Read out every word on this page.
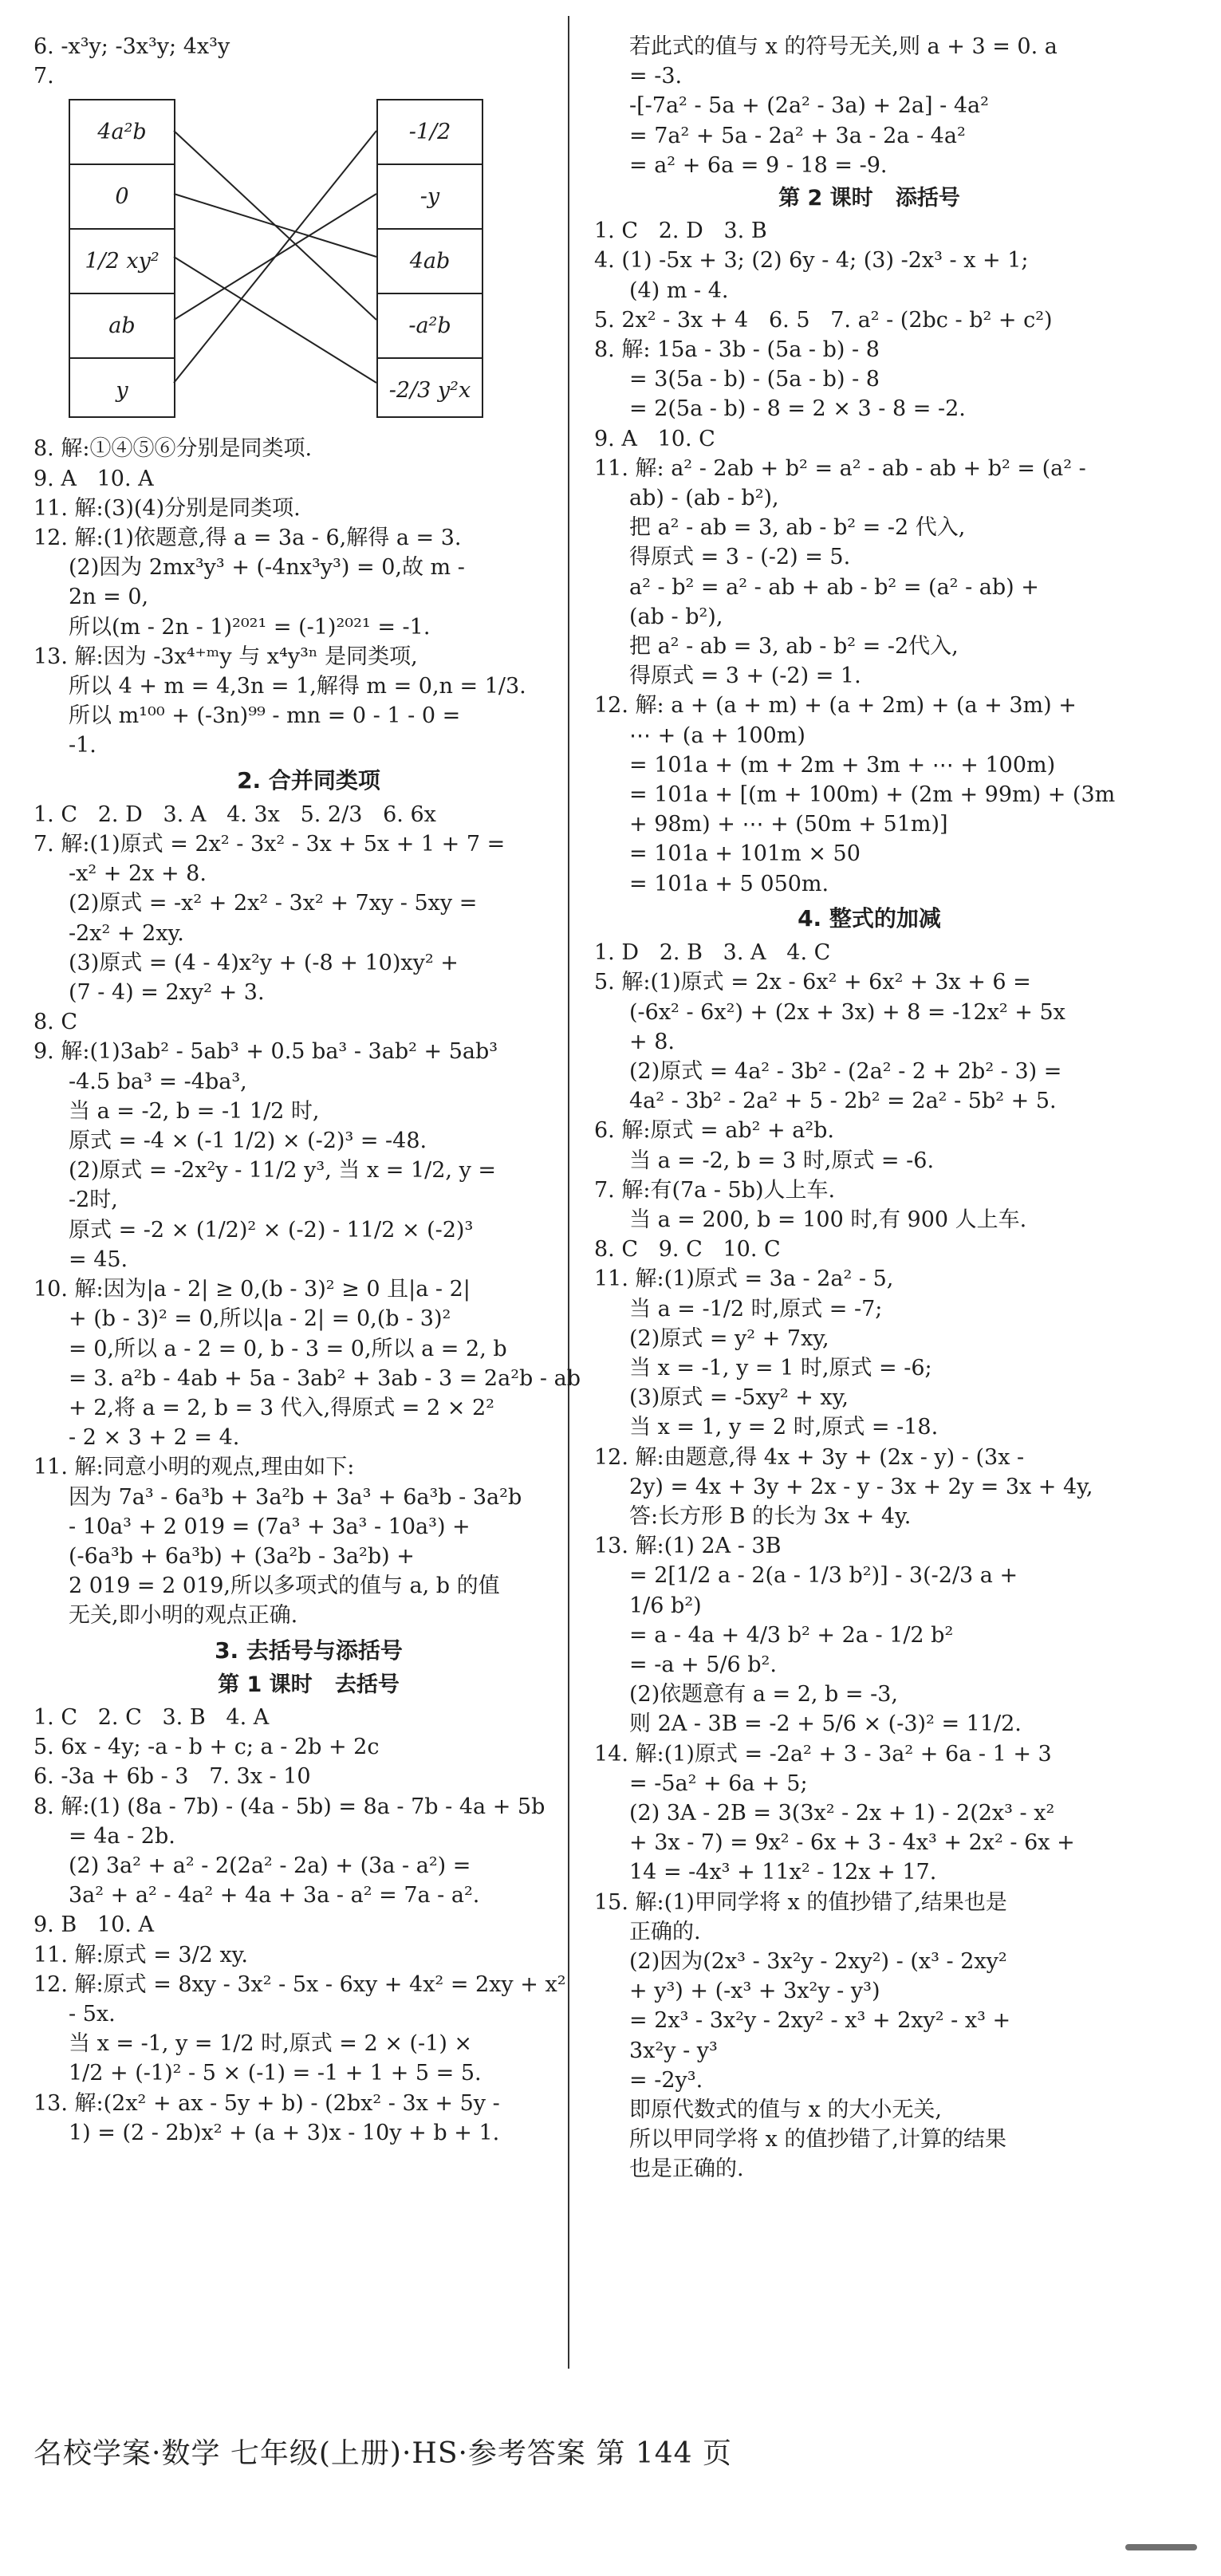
6. -x³y; -3x³y; 4x³y
7.
4a²b
0
1/2 xy²
ab
y
-1/2
-y
4ab
-a²b
-2/3 y²x
8. 解:①④⑤⑥分别是同类项.
9. A   10. A
11. 解:(3)(4)分别是同类项.
12. 解:(1)依题意,得 a = 3a - 6,解得 a = 3.
(2)因为 2mx³y³ + (-4nx³y³) = 0,故 m -
2n = 0,
所以(m - 2n - 1)²⁰²¹ = (-1)²⁰²¹ = -1.
13. 解:因为 -3x⁴⁺ᵐy 与 x⁴y³ⁿ 是同类项,
所以 4 + m = 4,3n = 1,解得 m = 0,n = 1/3.
所以 m¹⁰⁰ + (-3n)⁹⁹ - mn = 0 - 1 - 0 =
-1.
2. 合并同类项
1. C   2. D   3. A   4. 3x   5. 2/3   6. 6x
7. 解:(1)原式 = 2x² - 3x² - 3x + 5x + 1 + 7 =
-x² + 2x + 8.
(2)原式 = -x² + 2x² - 3x² + 7xy - 5xy =
-2x² + 2xy.
(3)原式 = (4 - 4)x²y + (-8 + 10)xy² +
(7 - 4) = 2xy² + 3.
8. C
9. 解:(1)3ab² - 5ab³ + 0.5 ba³ - 3ab² + 5ab³
-4.5 ba³ = -4ba³,
当 a = -2, b = -1 1/2 时,
原式 = -4 × (-1 1/2) × (-2)³ = -48.
(2)原式 = -2x²y - 11/2 y³, 当 x = 1/2, y =
-2时,
原式 = -2 × (1/2)² × (-2) - 11/2 × (-2)³
= 45.
10. 解:因为|a - 2| ≥ 0,(b - 3)² ≥ 0 且|a - 2|
+ (b - 3)² = 0,所以|a - 2| = 0,(b - 3)²
= 0,所以 a - 2 = 0, b - 3 = 0,所以 a = 2, b
= 3. a²b - 4ab + 5a - 3ab² + 3ab - 3 = 2a²b - ab
+ 2,将 a = 2, b = 3 代入,得原式 = 2 × 2²
- 2 × 3 + 2 = 4.
11. 解:同意小明的观点,理由如下:
因为 7a³ - 6a³b + 3a²b + 3a³ + 6a³b - 3a²b
- 10a³ + 2 019 = (7a³ + 3a³ - 10a³) +
(-6a³b + 6a³b) + (3a²b - 3a²b) +
2 019 = 2 019,所以多项式的值与 a, b 的值
无关,即小明的观点正确.
3. 去括号与添括号
第 1 课时   去括号
1. C   2. C   3. B   4. A
5. 6x - 4y; -a - b + c; a - 2b + 2c
6. -3a + 6b - 3   7. 3x - 10
8. 解:(1) (8a - 7b) - (4a - 5b) = 8a - 7b - 4a + 5b
= 4a - 2b.
(2) 3a² + a² - 2(2a² - 2a) + (3a - a²) =
3a² + a² - 4a² + 4a + 3a - a² = 7a - a².
9. B   10. A
11. 解:原式 = 3/2 xy.
12. 解:原式 = 8xy - 3x² - 5x - 6xy + 4x² = 2xy + x²
- 5x.
当 x = -1, y = 1/2 时,原式 = 2 × (-1) ×
1/2 + (-1)² - 5 × (-1) = -1 + 1 + 5 = 5.
13. 解:(2x² + ax - 5y + b) - (2bx² - 3x + 5y -
1) = (2 - 2b)x² + (a + 3)x - 10y + b + 1.
若此式的值与 x 的符号无关,则 a + 3 = 0. a
= -3.
-[-7a² - 5a + (2a² - 3a) + 2a] - 4a²
= 7a² + 5a - 2a² + 3a - 2a - 4a²
= a² + 6a = 9 - 18 = -9.
第 2 课时   添括号
1. C   2. D   3. B
4. (1) -5x + 3; (2) 6y - 4; (3) -2x³ - x + 1;
(4) m - 4.
5. 2x² - 3x + 4   6. 5   7. a² - (2bc - b² + c²)
8. 解: 15a - 3b - (5a - b) - 8
= 3(5a - b) - (5a - b) - 8
= 2(5a - b) - 8 = 2 × 3 - 8 = -2.
9. A   10. C
11. 解: a² - 2ab + b² = a² - ab - ab + b² = (a² -
ab) - (ab - b²),
把 a² - ab = 3, ab - b² = -2 代入,
得原式 = 3 - (-2) = 5.
a² - b² = a² - ab + ab - b² = (a² - ab) +
(ab - b²),
把 a² - ab = 3, ab - b² = -2代入,
得原式 = 3 + (-2) = 1.
12. 解: a + (a + m) + (a + 2m) + (a + 3m) +
⋯ + (a + 100m)
= 101a + (m + 2m + 3m + ⋯ + 100m)
= 101a + [(m + 100m) + (2m + 99m) + (3m
+ 98m) + ⋯ + (50m + 51m)]
= 101a + 101m × 50
= 101a + 5 050m.
4. 整式的加减
1. D   2. B   3. A   4. C
5. 解:(1)原式 = 2x - 6x² + 6x² + 3x + 6 =
(-6x² - 6x²) + (2x + 3x) + 8 = -12x² + 5x
+ 8.
(2)原式 = 4a² - 3b² - (2a² - 2 + 2b² - 3) =
4a² - 3b² - 2a² + 5 - 2b² = 2a² - 5b² + 5.
6. 解:原式 = ab² + a²b.
当 a = -2, b = 3 时,原式 = -6.
7. 解:有(7a - 5b)人上车.
当 a = 200, b = 100 时,有 900 人上车.
8. C   9. C   10. C
11. 解:(1)原式 = 3a - 2a² - 5,
当 a = -1/2 时,原式 = -7;
(2)原式 = y² + 7xy,
当 x = -1, y = 1 时,原式 = -6;
(3)原式 = -5xy² + xy,
当 x = 1, y = 2 时,原式 = -18.
12. 解:由题意,得 4x + 3y + (2x - y) - (3x -
2y) = 4x + 3y + 2x - y - 3x + 2y = 3x + 4y,
答:长方形 B 的长为 3x + 4y.
13. 解:(1) 2A - 3B
= 2[1/2 a - 2(a - 1/3 b²)] - 3(-2/3 a +
1/6 b²)
= a - 4a + 4/3 b² + 2a - 1/2 b²
= -a + 5/6 b².
(2)依题意有 a = 2, b = -3,
则 2A - 3B = -2 + 5/6 × (-3)² = 11/2.
14. 解:(1)原式 = -2a² + 3 - 3a² + 6a - 1 + 3
= -5a² + 6a + 5;
(2) 3A - 2B = 3(3x² - 2x + 1) - 2(2x³ - x²
+ 3x - 7) = 9x² - 6x + 3 - 4x³ + 2x² - 6x +
14 = -4x³ + 11x² - 12x + 17.
15. 解:(1)甲同学将 x 的值抄错了,结果也是
正确的.
(2)因为(2x³ - 3x²y - 2xy²) - (x³ - 2xy²
+ y³) + (-x³ + 3x²y - y³)
= 2x³ - 3x²y - 2xy² - x³ + 2xy² - x³ +
3x²y - y³
= -2y³.
即原代数式的值与 x 的大小无关,
所以甲同学将 x 的值抄错了,计算的结果
也是正确的.
名校学案·数学 七年级(上册)·HS·参考答案 第 144 页
